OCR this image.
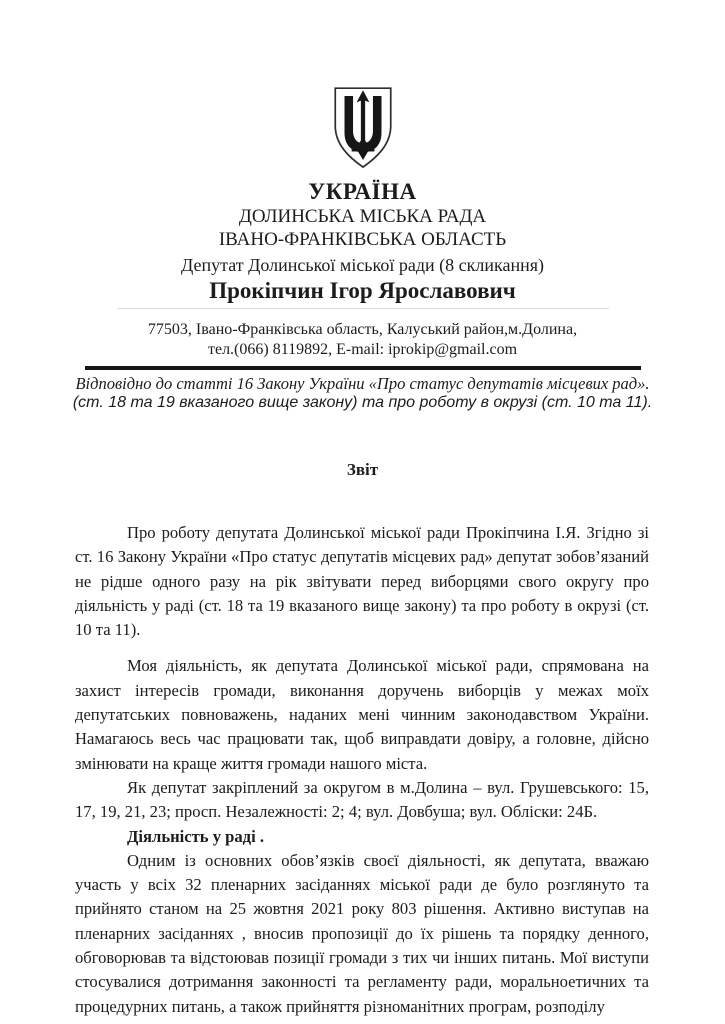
УКРАЇНА
ДОЛИНСЬКА МІСЬКА РАДА
ІВАНО-ФРАНКІВСЬКА ОБЛАСТЬ
Депутат Долинської міської ради (8 скликання)
Прокіпчин Ігор Ярославович
77503, Івано-Франківська область, Калуський район,м.Долина,
тел.(066) 8119892, E-mail: iprokip@gmail.com
Відповідно до статті 16 Закону України «Про статус депутатів місцевих рад».
(ст. 18 та 19 вказаного вище закону) та про роботу в окрузі (ст. 10 та 11).
Звіт

Про роботу депутата Долинської міської ради Прокіпчина І.Я. Згідно зі ст. 16 Закону України «Про статус депутатів місцевих рад» депутат зобов’язаний не рідше одного разу на рік звітувати перед виборцями свого округу про діяльність у раді (ст. 18 та 19 вказаного вище закону) та про роботу в окрузі (ст. 10 та 11).

Моя діяльність, як депутата Долинської міської ради, спрямована на захист інтересів громади, виконання доручень виборців у межах моїх депутатських повноважень, наданих мені чинним законодавством України. Намагаюсь весь час працювати так, щоб виправдати довіру, а головне, дійсно змінювати на краще життя громади нашого міста.

Як депутат закріплений за округом в м.Долина – вул. Грушевського: 15, 17, 19, 21, 23; просп. Незалежності: 2; 4; вул. Довбуша; вул. Обліски: 24Б.

Діяльність у раді .

Одним із основних обов’язків своєї діяльності, як депутата, вважаю участь у всіх 32 пленарних засіданнях міської ради де було розглянуто та прийнято станом на 25 жовтня 2021 року 803 рішення. Активно виступав на пленарних засіданнях , вносив пропозиції до їх рішень та порядку денного, обговорював та відстоював позиції громади з тих чи інших питань. Мої виступи стосувалися дотримання законності та регламенту ради, моральноетичних та процедурних питань, а також прийняття різноманітних програм, розподілу
